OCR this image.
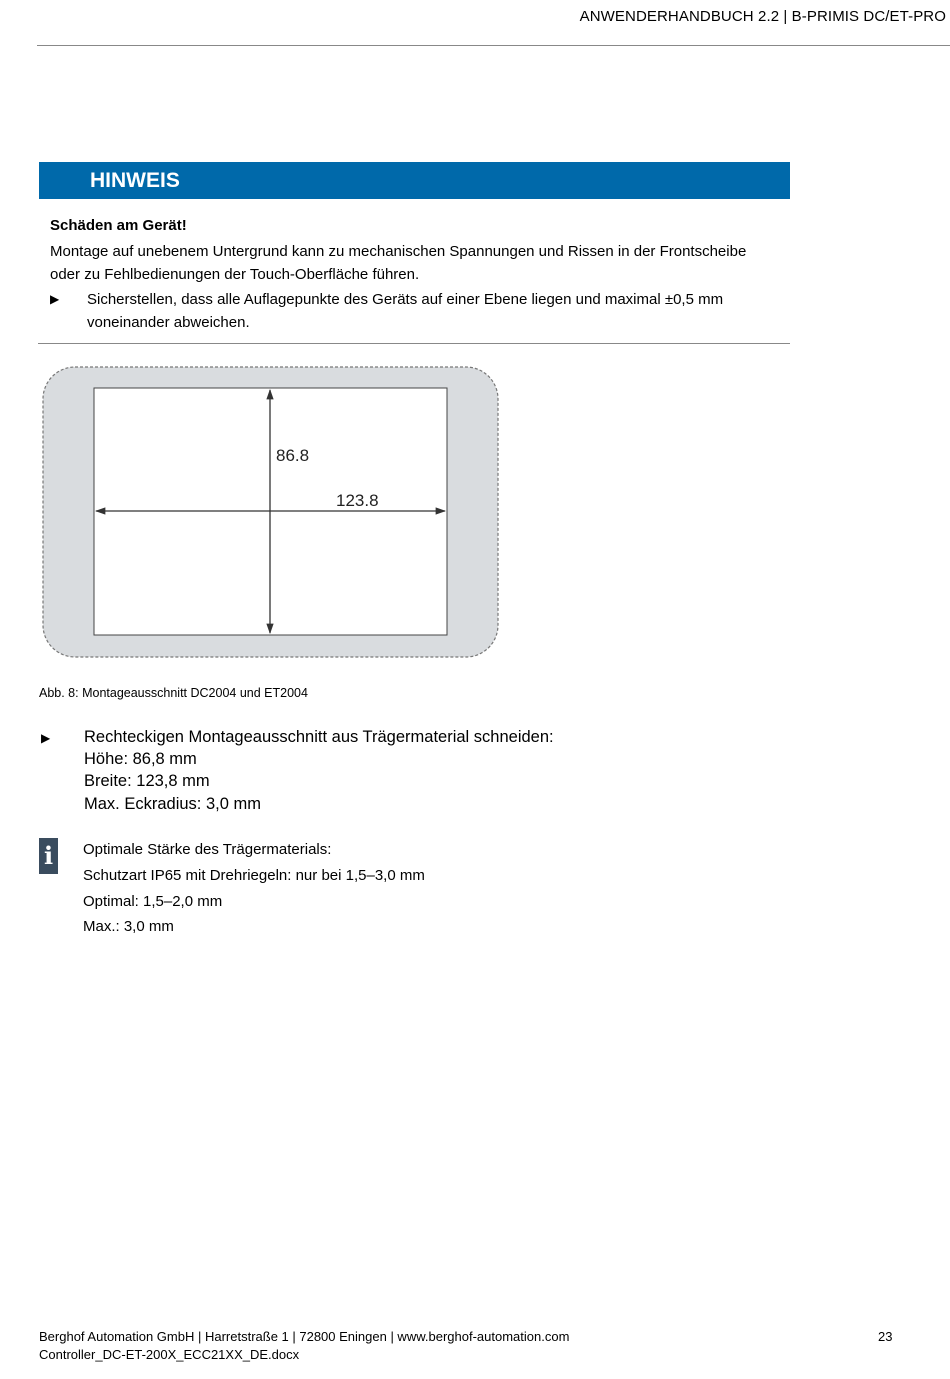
ANWENDERHANDBUCH 2.2 | B-PRIMIS DC/ET-PRO
HINWEIS
Schäden am Gerät!
Montage auf unebenem Untergrund kann zu mechanischen Spannungen und Rissen in der Frontscheibe
oder zu Fehlbedienungen der Touch-Oberfläche führen.
▶ Sicherstellen, dass alle Auflagepunkte des Geräts auf einer Ebene liegen und maximal ±0,5 mm
voneinander abweichen.
86.8
123.8
Abb. 8: Montageausschnitt DC2004 und ET2004
▶ Rechteckigen Montageausschnitt aus Trägermaterial schneiden:
Höhe: 86,8 mm
Breite: 123,8 mm
Max. Eckradius: 3,0 mm
i	Optimale Stärke des Trägermaterials:
Schutzart IP65 mit Drehriegeln: nur bei 1,5–3,0 mm
Optimal: 1,5–2,0 mm
Max.: 3,0 mm
Berghof Automation GmbH | Harretstraße 1 | 72800 Eningen | www.berghof-automation.com
Controller_DC-ET-200X_ECC21XX_DE.docx
23
